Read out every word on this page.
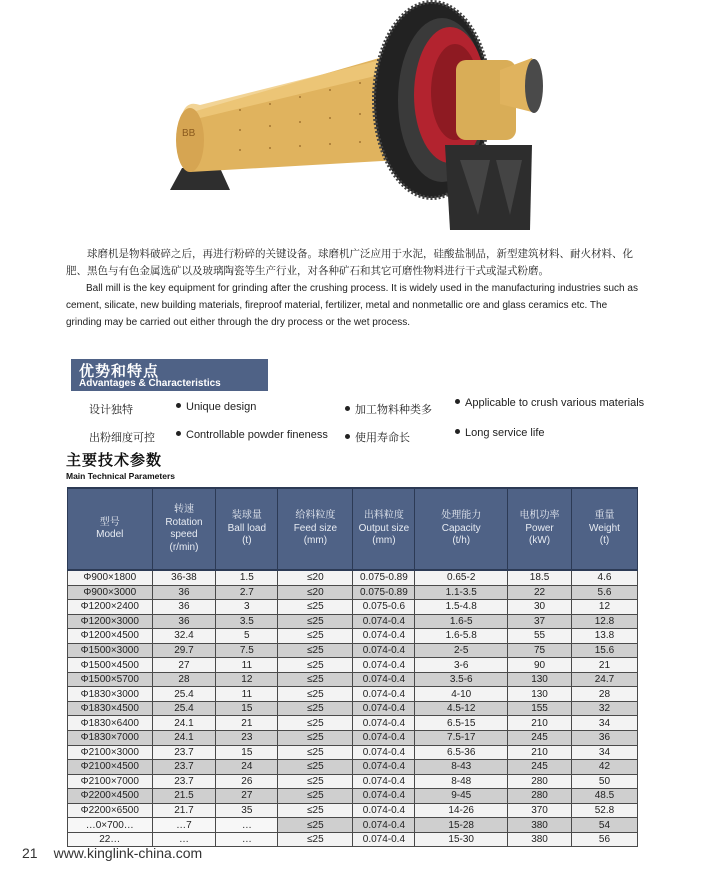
BB

球磨机是物料破碎之后，再进行粉碎的关键设备。球磨机广泛应用于水泥，硅酸盐制品，新型建筑材料、耐火材料、化肥、黑色与有色金属选矿以及玻璃陶瓷等生产行业，对各种矿石和其它可磨性物料进行干式或湿式粉磨。

Ball mill is the key equipment for grinding after the crushing process. It is widely used in the manufacturing industries such as cement, silicate, new building materials, fireproof material, fertilizer, metal and nonmetallic ore and glass ceramics etc. The grinding may be carried out either through the dry process or the wet process.

优势和特点
Advantages & Characteristics
设计独特	Unique design	加工物料种类多
Applicable to crush various materials
出粉细度可控	Controllable powder fineness	使用寿命长	Long service life
主要技术参数
Main Technical Parameters
型号
Model

转速
Rotation speed
(r/min)

装球量
Ball load
(t)

给料粒度
Feed size
(mm)

出料粒度
Output size
(mm)

处理能力
Capacity
(t/h)

电机功率
Power
(kW)

重量
Weight
(t)

Φ900×1800	36-38	1.5	≤20	0.075-0.89	0.65-2	18.5	4.6
Φ900×3000	36	2.7	≤20	0.075-0.89	1.1-3.5	22	5.6
Φ1200×2400	36	3	≤25	0.075-0.6	1.5-4.8	30	12
Φ1200×3000	36	3.5	≤25	0.074-0.4	1.6-5	37	12.8
Φ1200×4500	32.4	5	≤25	0.074-0.4	1.6-5.8	55	13.8
Φ1500×3000	29.7	7.5	≤25	0.074-0.4	2-5	75	15.6
Φ1500×4500	27	11	≤25	0.074-0.4	3-6	90	21
Φ1500×5700	28	12	≤25	0.074-0.4	3.5-6	130	24.7
Φ1830×3000	25.4	11	≤25	0.074-0.4	4-10	130	28
Φ1830×4500	25.4	15	≤25	0.074-0.4	4.5-12	155	32
Φ1830×6400	24.1	21	≤25	0.074-0.4	6.5-15	210	34
Φ1830×7000	24.1	23	≤25	0.074-0.4	7.5-17	245	36
Φ2100×3000	23.7	15	≤25	0.074-0.4	6.5-36	210	34
Φ2100×4500	23.7	24	≤25	0.074-0.4	8-43	245	42
Φ2100×7000	23.7	26	≤25	0.074-0.4	8-48	280	50
Φ2200×4500	21.5	27	≤25	0.074-0.4	9-45	280	48.5
Φ2200×6500	21.7	35	≤25	0.074-0.4	14-26	370	52.8
…0×700…	…7	…	≤25	0.074-0.4	15-28	380	54
22…	…	…	≤25	0.074-0.4	15-30	380	56
21 www.kinglink-china.com
